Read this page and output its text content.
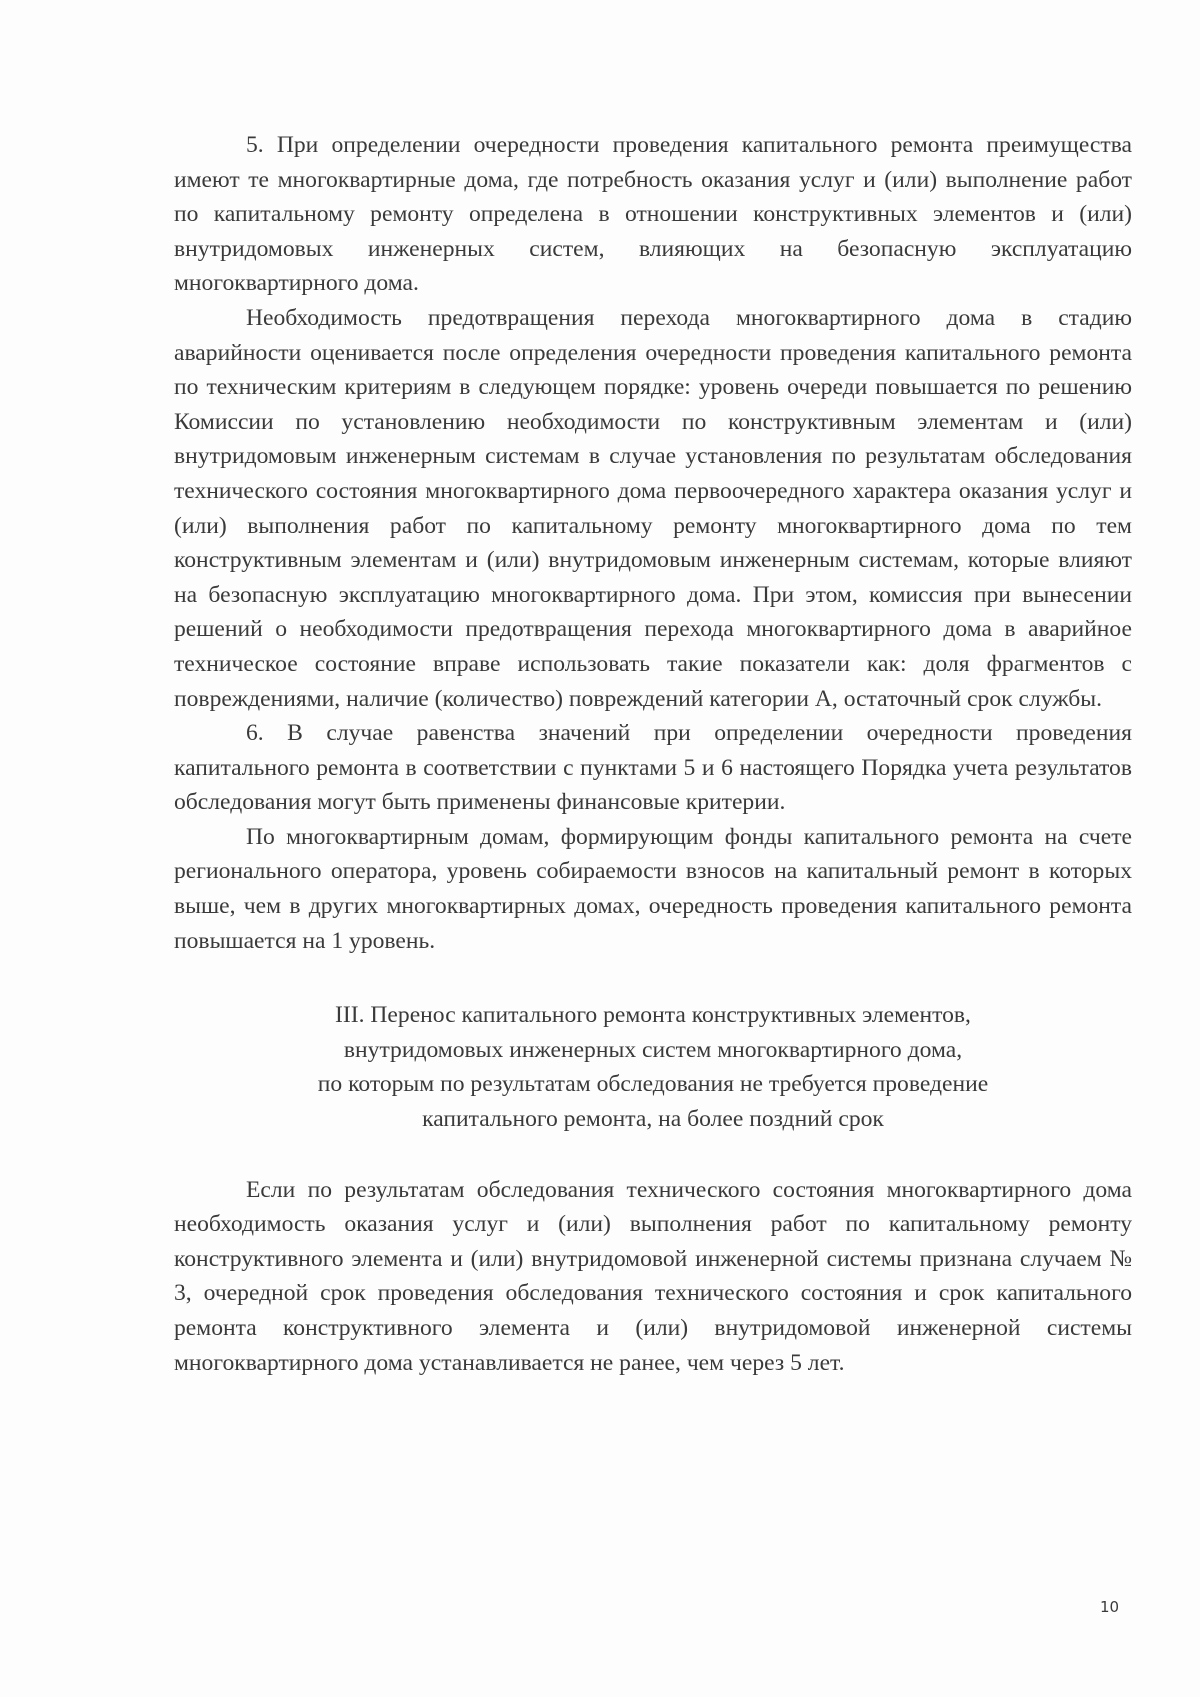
5. При определении очередности проведения капитального ремонта преимущества имеют те многоквартирные дома, где потребность оказания услуг и (или) выполнение работ по капитальному ремонту определена в отношении конструктивных элементов и (или) внутридомовых инженерных систем, влияющих на безопасную эксплуатацию многоквартирного дома.

Необходимость предотвращения перехода многоквартирного дома в стадию аварийности оценивается после определения очередности проведения капитального ремонта по техническим критериям в следующем порядке: уровень очереди повышается по решению Комиссии по установлению необходимости по конструктивным элементам и (или) внутридомовым инженерным системам в случае установления по результатам обследования технического состояния многоквартирного дома первоочередного характера оказания услуг и (или) выполнения работ по капитальному ремонту многоквартирного дома по тем конструктивным элементам и (или) внутридомовым инженерным системам, которые влияют на безопасную эксплуатацию многоквартирного дома. При этом, комиссия при вынесении решений о необходимости предотвращения перехода многоквартирного дома в аварийное техническое состояние вправе использовать такие показатели как: доля фрагментов с повреждениями, наличие (количество) повреждений категории А, остаточный срок службы.

6. В случае равенства значений при определении очередности проведения капитального ремонта в соответствии с пунктами 5 и 6 настоящего Порядка учета результатов обследования могут быть применены финансовые критерии.

По многоквартирным домам, формирующим фонды капитального ремонта на счете регионального оператора, уровень собираемости взносов на капитальный ремонт в которых выше, чем в других многоквартирных домах, очередность проведения капитального ремонта повышается на 1 уровень.

III. Перенос капитального ремонта конструктивных элементов,
внутридомовых инженерных систем многоквартирного дома,
по которым по результатам обследования не требуется проведение
капитального ремонта, на более поздний срок

Если по результатам обследования технического состояния многоквартирного дома необходимость оказания услуг и (или) выполнения работ по капитальному ремонту конструктивного элемента и (или) внутридомовой инженерной системы признана случаем № 3, очередной срок проведения обследования технического состояния и срок капитального ремонта конструктивного элемента и (или) внутридомовой инженерной системы многоквартирного дома устанавливается не ранее, чем через 5 лет.

10
